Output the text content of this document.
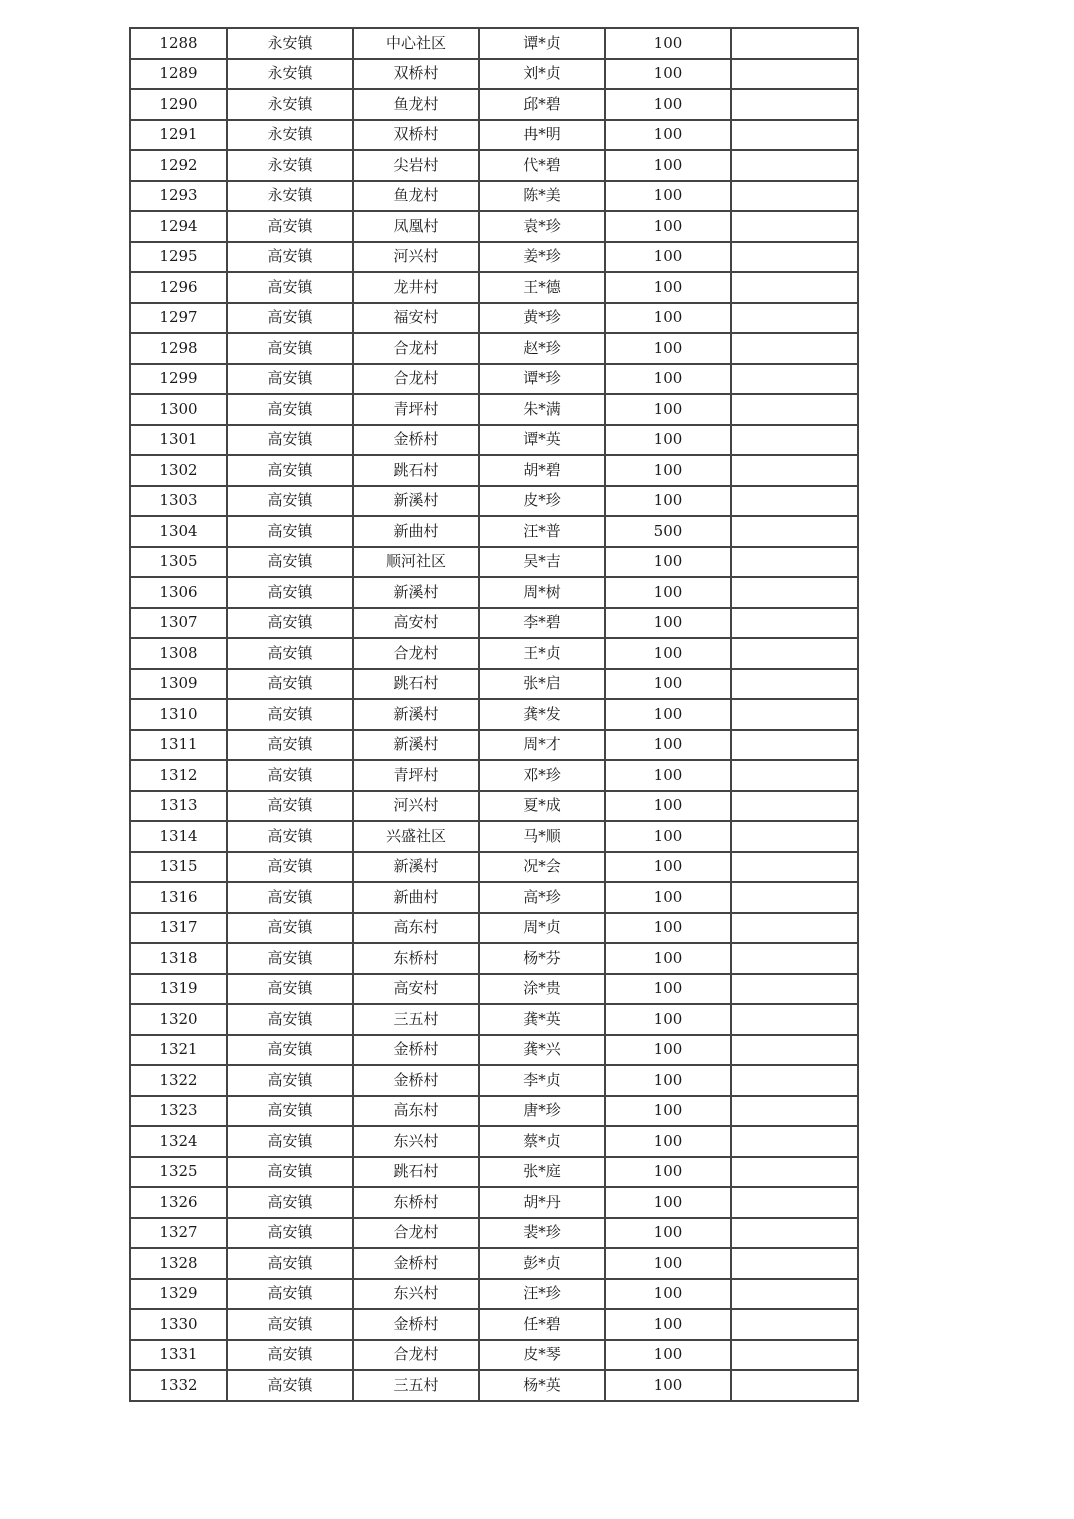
1288	永安镇	中心社区	谭*贞	100	
1289	永安镇	双桥村	刘*贞	100	
1290	永安镇	鱼龙村	邱*碧	100	
1291	永安镇	双桥村	冉*明	100	
1292	永安镇	尖岩村	代*碧	100	
1293	永安镇	鱼龙村	陈*美	100	
1294	高安镇	凤凰村	袁*珍	100	
1295	高安镇	河兴村	姜*珍	100	
1296	高安镇	龙井村	王*德	100	
1297	高安镇	福安村	黄*珍	100	
1298	高安镇	合龙村	赵*珍	100	
1299	高安镇	合龙村	谭*珍	100	
1300	高安镇	青坪村	朱*满	100	
1301	高安镇	金桥村	谭*英	100	
1302	高安镇	跳石村	胡*碧	100	
1303	高安镇	新溪村	皮*珍	100	
1304	高安镇	新曲村	汪*普	500	
1305	高安镇	顺河社区	吴*吉	100	
1306	高安镇	新溪村	周*树	100	
1307	高安镇	高安村	李*碧	100	
1308	高安镇	合龙村	王*贞	100	
1309	高安镇	跳石村	张*启	100	
1310	高安镇	新溪村	龚*发	100	
1311	高安镇	新溪村	周*才	100	
1312	高安镇	青坪村	邓*珍	100	
1313	高安镇	河兴村	夏*成	100	
1314	高安镇	兴盛社区	马*顺	100	
1315	高安镇	新溪村	况*会	100	
1316	高安镇	新曲村	高*珍	100	
1317	高安镇	高东村	周*贞	100	
1318	高安镇	东桥村	杨*芬	100	
1319	高安镇	高安村	涂*贵	100	
1320	高安镇	三五村	龚*英	100	
1321	高安镇	金桥村	龚*兴	100	
1322	高安镇	金桥村	李*贞	100	
1323	高安镇	高东村	唐*珍	100	
1324	高安镇	东兴村	蔡*贞	100	
1325	高安镇	跳石村	张*庭	100	
1326	高安镇	东桥村	胡*丹	100	
1327	高安镇	合龙村	裴*珍	100	
1328	高安镇	金桥村	彭*贞	100	
1329	高安镇	东兴村	汪*珍	100	
1330	高安镇	金桥村	任*碧	100	
1331	高安镇	合龙村	皮*琴	100	
1332	高安镇	三五村	杨*英	100	
